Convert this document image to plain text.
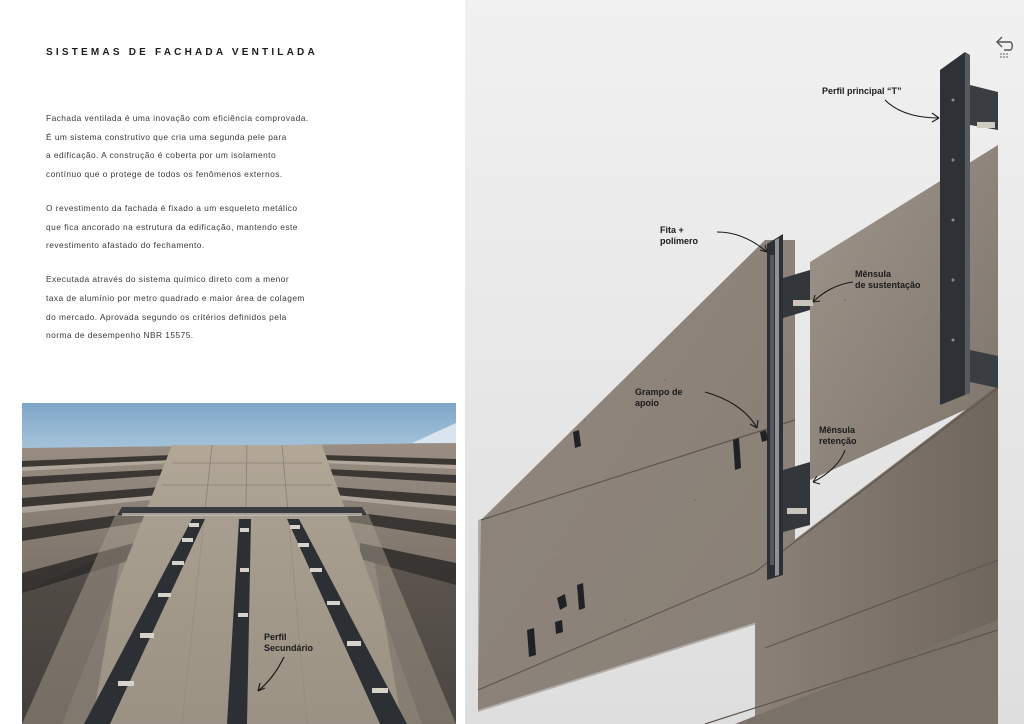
SISTEMAS DE FACHADA VENTILADA

Fachada ventilada é uma inovação com eficiência comprovada.
É um sistema construtivo que cria uma segunda pele para
a edificação. A construção é coberta por um isolamento
contínuo que o protege de todos os fenômenos externos.

O revestimento da fachada é fixado a um esqueleto metálico
que fica ancorado na estrutura da edificação, mantendo este
revestimento afastado do fechamento.

Executada através do sistema químico direto com a menor
taxa de alumínio por metro quadrado e maior área de colagem
do mercado. Aprovada segundo os critérios definidos pela
norma de desempenho NBR 15575.

Perfil
Secundário
Perfil principal “T”
Fita +
polímero
Mênsula
de sustentação
Grampo de
apoio
Mênsula
retenção
